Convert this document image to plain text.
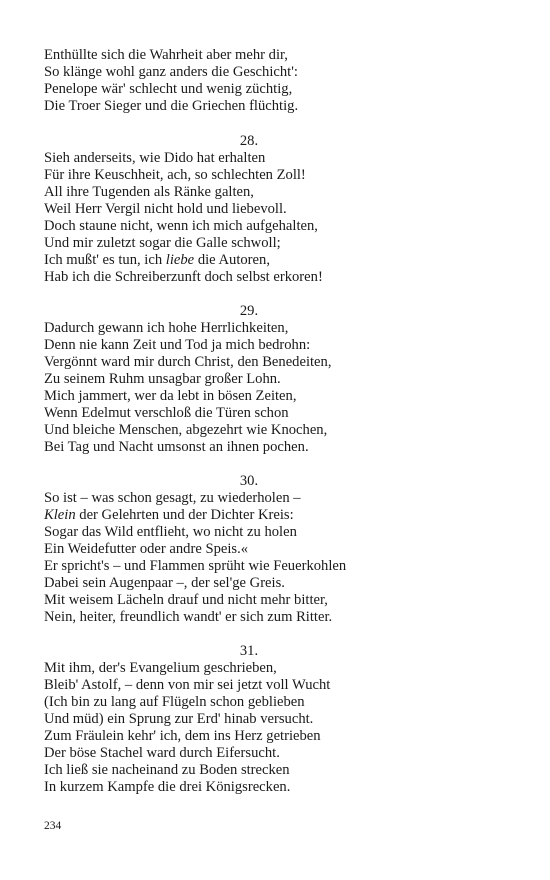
Enthüllte sich die Wahrheit aber mehr dir,
So klänge wohl ganz anders die Geschicht':
Penelope wär' schlecht und wenig züchtig,
Die Troer Sieger und die Griechen flüchtig.
28.
Sieh anderseits, wie Dido hat erhalten
Für ihre Keuschheit, ach, so schlechten Zoll!
All ihre Tugenden als Ränke galten,
Weil Herr Vergil nicht hold und liebevoll.
Doch staune nicht, wenn ich mich aufgehalten,
Und mir zuletzt sogar die Galle schwoll;
Ich mußt' es tun, ich liebe die Autoren,
Hab ich die Schreiberzunft doch selbst erkoren!
29.
Dadurch gewann ich hohe Herrlichkeiten,
Denn nie kann Zeit und Tod ja mich bedrohn:
Vergönnt ward mir durch Christ, den Benedeiten,
Zu seinem Ruhm unsagbar großer Lohn.
Mich jammert, wer da lebt in bösen Zeiten,
Wenn Edelmut verschloß die Türen schon
Und bleiche Menschen, abgezehrt wie Knochen,
Bei Tag und Nacht umsonst an ihnen pochen.
30.
So ist – was schon gesagt, zu wiederholen –
Klein der Gelehrten und der Dichter Kreis:
Sogar das Wild entflieht, wo nicht zu holen
Ein Weidefutter oder andre Speis.«
Er spricht's – und Flammen sprüht wie Feuerkohlen
Dabei sein Augenpaar –, der sel'ge Greis.
Mit weisem Lächeln drauf und nicht mehr bitter,
Nein, heiter, freundlich wandt' er sich zum Ritter.
31.
Mit ihm, der's Evangelium geschrieben,
Bleib' Astolf, – denn von mir sei jetzt voll Wucht
(Ich bin zu lang auf Flügeln schon geblieben
Und müd) ein Sprung zur Erd' hinab versucht.
Zum Fräulein kehr' ich, dem ins Herz getrieben
Der böse Stachel ward durch Eifersucht.
Ich ließ sie nacheinand zu Boden strecken
In kurzem Kampfe die drei Königsrecken.
234
